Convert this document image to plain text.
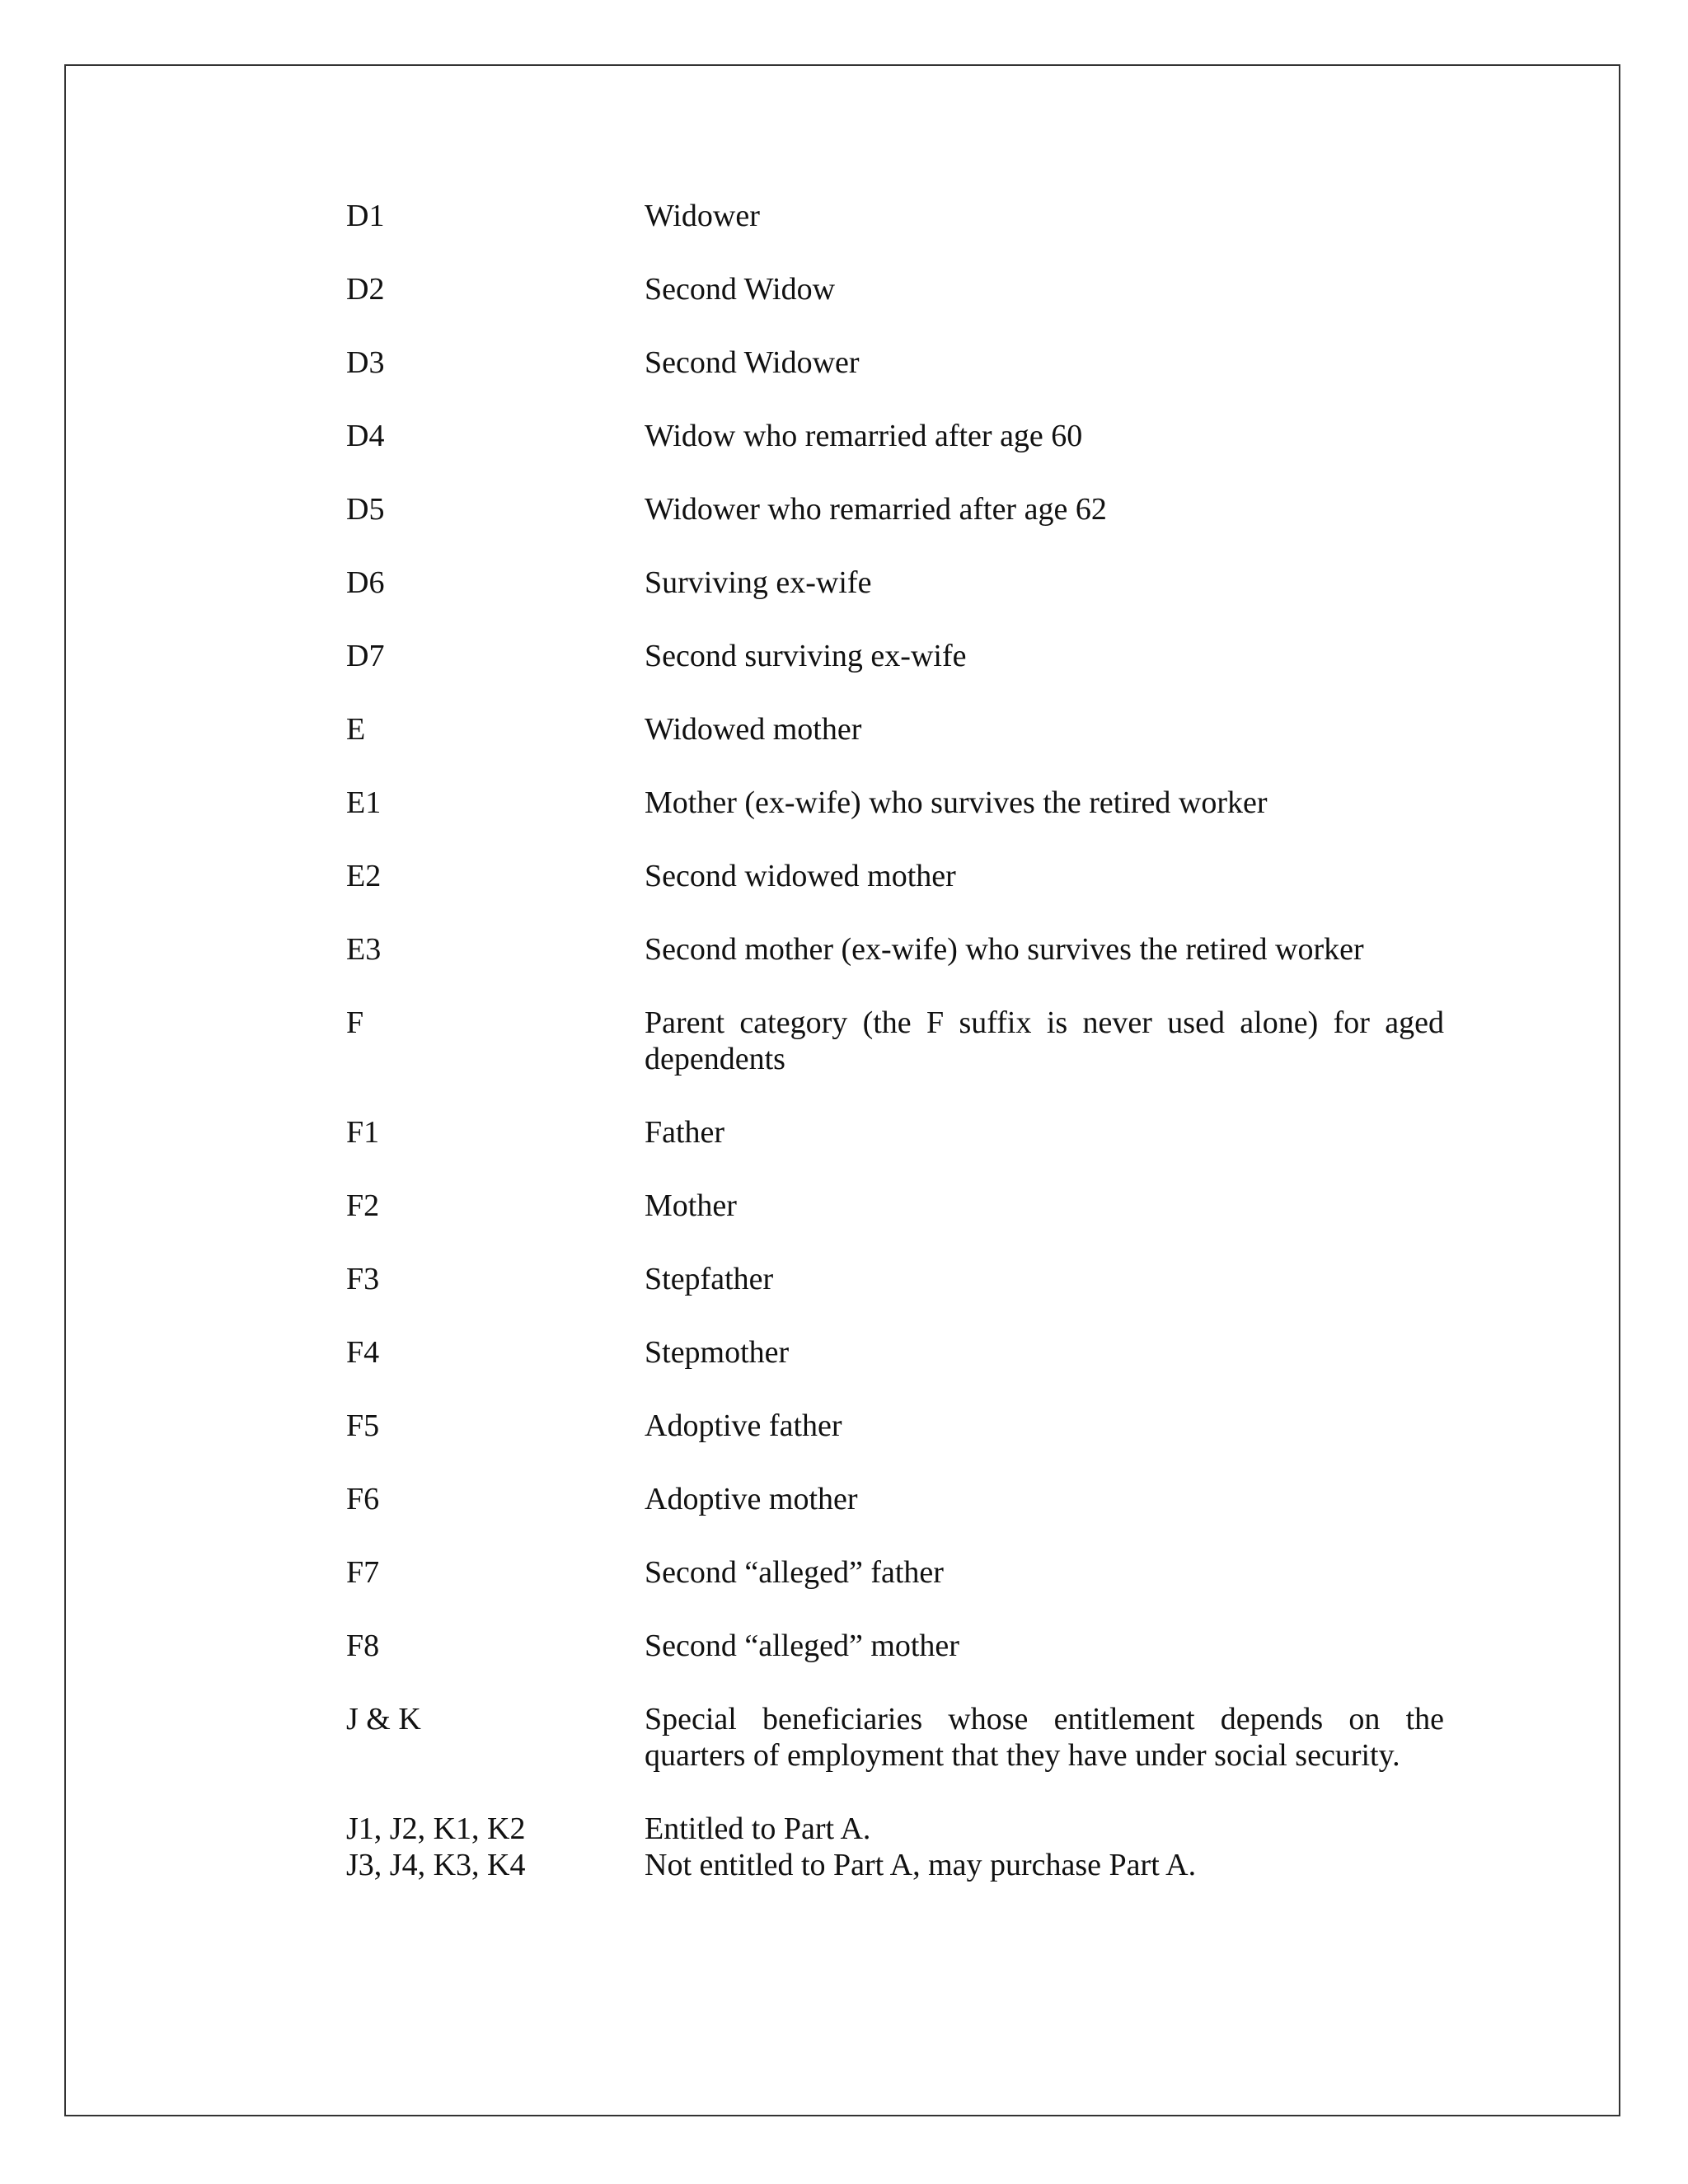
D1	Widower
D2	Second Widow
D3	Second Widower
D4	Widow who remarried after age 60
D5	Widower who remarried after age 62
D6	Surviving ex-wife
D7	Second surviving ex-wife
E	Widowed mother
E1	Mother (ex-wife) who survives the retired worker
E2	Second widowed mother
E3	Second mother (ex-wife) who survives the retired worker
F	Parent category (the F suffix is never used alone) for aged dependents
F1	Father
F2	Mother
F3	Stepfather
F4	Stepmother
F5	Adoptive father
F6	Adoptive mother
F7	Second “alleged” father
F8	Second “alleged” mother
J & K	Special beneficiaries whose entitlement depends on the quarters of employment that they have under social security.
J1, J2, K1, K2	Entitled to Part A.
J3, J4, K3, K4	Not entitled to Part A, may purchase Part A.
